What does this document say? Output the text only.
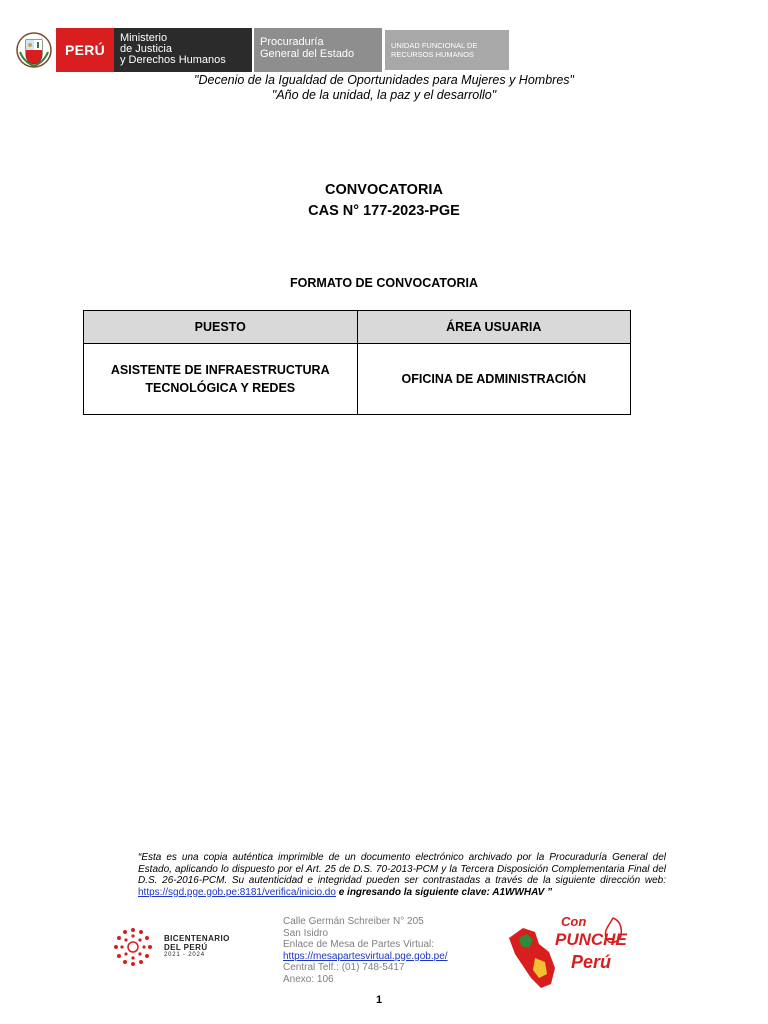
PERÚ
Ministerio
de Justicia
y Derechos Humanos
Procuraduría
General del Estado
UNIDAD FUNCIONAL DE
RECURSOS HUMANOS
"Decenio de la Igualdad de Oportunidades para Mujeres y Hombres"
"Año de la unidad, la paz y el desarrollo"
CONVOCATORIA
CAS N° 177-2023-PGE
FORMATO DE CONVOCATORIA
PUESTO	ÁREA USUARIA

ASISTENTE DE INFRAESTRUCTURA
TECNOLÓGICA Y REDES	OFICINA DE ADMINISTRACIÓN
“Esta es una copia auténtica imprimible de un documento electrónico archivado por la Procuraduría General del Estado, aplicando lo dispuesto por el Art. 25 de D.S. 70-2013-PCM y la Tercera Disposición Complementaria Final del D.S. 26-2016-PCM. Su autenticidad e integridad pueden ser contrastadas a través de la siguiente dirección web: https://sgd.pge.gob.pe:8181/verifica/inicio.do e ingresando la siguiente clave: A1WWHAV ”
BICENTENARIO
DEL PERÚ
2021 - 2024
Calle Germán Schreiber N° 205
San Isidro
Enlace de Mesa de Partes Virtual:
https://mesapartesvirtual.pge.gob.pe/
Central Telf.: (01) 748-5417
Anexo: 106
Con
PUNCHE
Perú
1
